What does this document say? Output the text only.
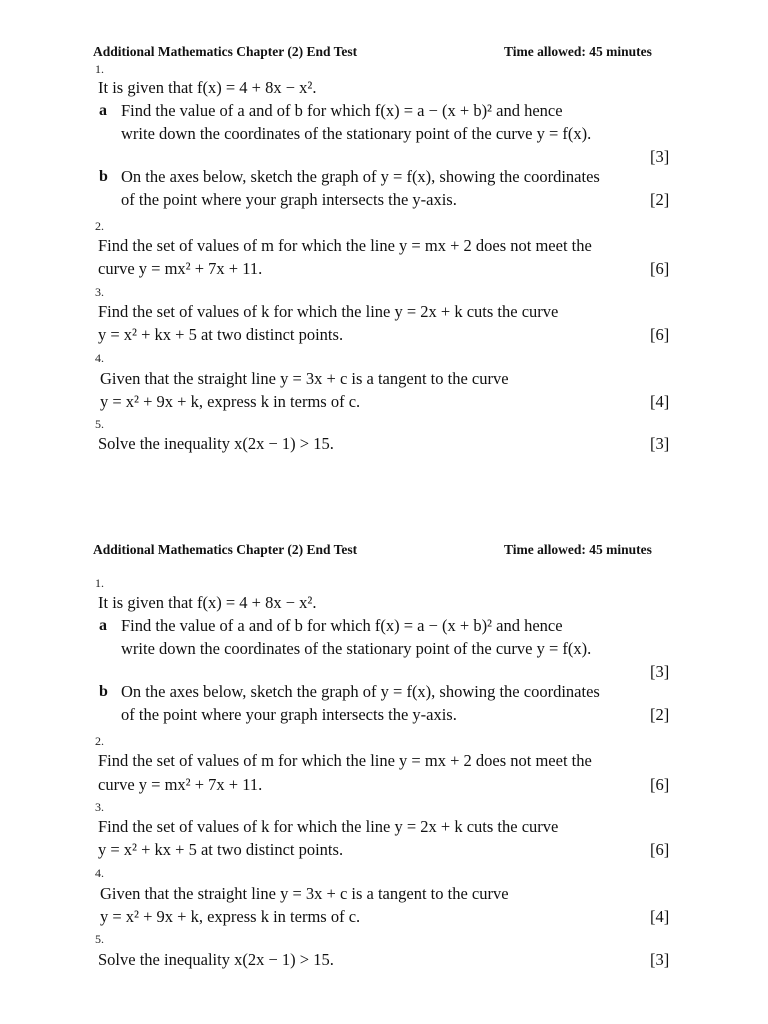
Additional Mathematics Chapter (2) End Test	Time allowed: 45 minutes
1.
It is given that f(x) = 4 + 8x − x².
a Find the value of a and of b for which f(x) = a − (x + b)² and hence
write down the coordinates of the stationary point of the curve y = f(x).
[3]
b On the axes below, sketch the graph of y = f(x), showing the coordinates
of the point where your graph intersects the y-axis.	[2]
2.
Find the set of values of m for which the line y = mx + 2 does not meet the
curve y = mx² + 7x + 11.	[6]
3.
Find the set of values of k for which the line y = 2x + k cuts the curve
y = x² + kx + 5 at two distinct points.	[6]
4.
Given that the straight line y = 3x + c is a tangent to the curve
y = x² + 9x + k, express k in terms of c.	[4]
5.
Solve the inequality x(2x − 1) > 15.	[3]
Additional Mathematics Chapter (2) End Test	Time allowed: 45 minutes
1.
It is given that f(x) = 4 + 8x − x².
a Find the value of a and of b for which f(x) = a − (x + b)² and hence
write down the coordinates of the stationary point of the curve y = f(x).
[3]
b On the axes below, sketch the graph of y = f(x), showing the coordinates
of the point where your graph intersects the y-axis.	[2]
2.
Find the set of values of m for which the line y = mx + 2 does not meet the
curve y = mx² + 7x + 11.	[6]
3.
Find the set of values of k for which the line y = 2x + k cuts the curve
y = x² + kx + 5 at two distinct points.	[6]
4.
Given that the straight line y = 3x + c is a tangent to the curve
y = x² + 9x + k, express k in terms of c.	[4]
5.
Solve the inequality x(2x − 1) > 15.	[3]
